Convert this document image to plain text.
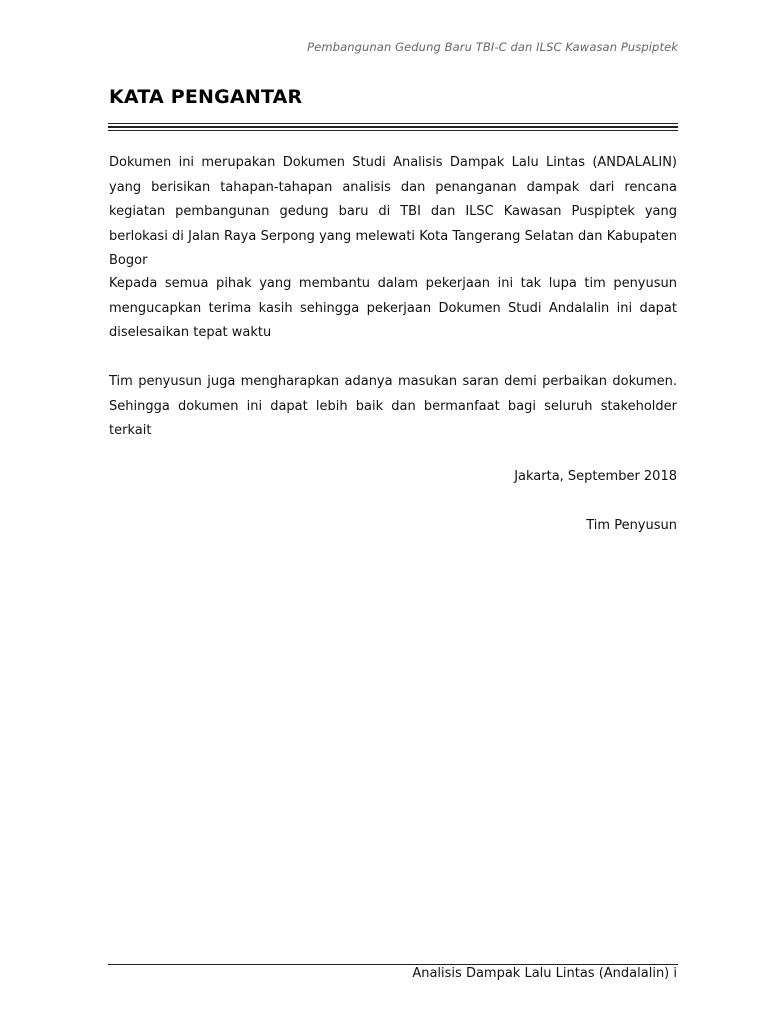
Pembangunan Gedung Baru TBI-C dan ILSC Kawasan Puspiptek
KATA PENGANTAR

Dokumen ini merupakan Dokumen Studi Analisis Dampak Lalu Lintas (ANDALALIN) yang berisikan tahapan-tahapan analisis dan penanganan dampak dari rencana kegiatan pembangunan gedung baru di TBI dan ILSC Kawasan Puspiptek yang berlokasi di Jalan Raya Serpong yang melewati Kota Tangerang Selatan dan Kabupaten Bogor

Kepada semua pihak yang membantu dalam pekerjaan ini tak lupa tim penyusun mengucapkan terima kasih sehingga pekerjaan Dokumen Studi Andalalin ini dapat diselesaikan tepat waktu

Tim penyusun juga mengharapkan adanya masukan saran demi perbaikan dokumen. Sehingga dokumen ini dapat lebih baik dan bermanfaat bagi seluruh stakeholder terkait

Jakarta, September 2018
Tim Penyusun
Analisis Dampak Lalu Lintas (Andalalin) i
